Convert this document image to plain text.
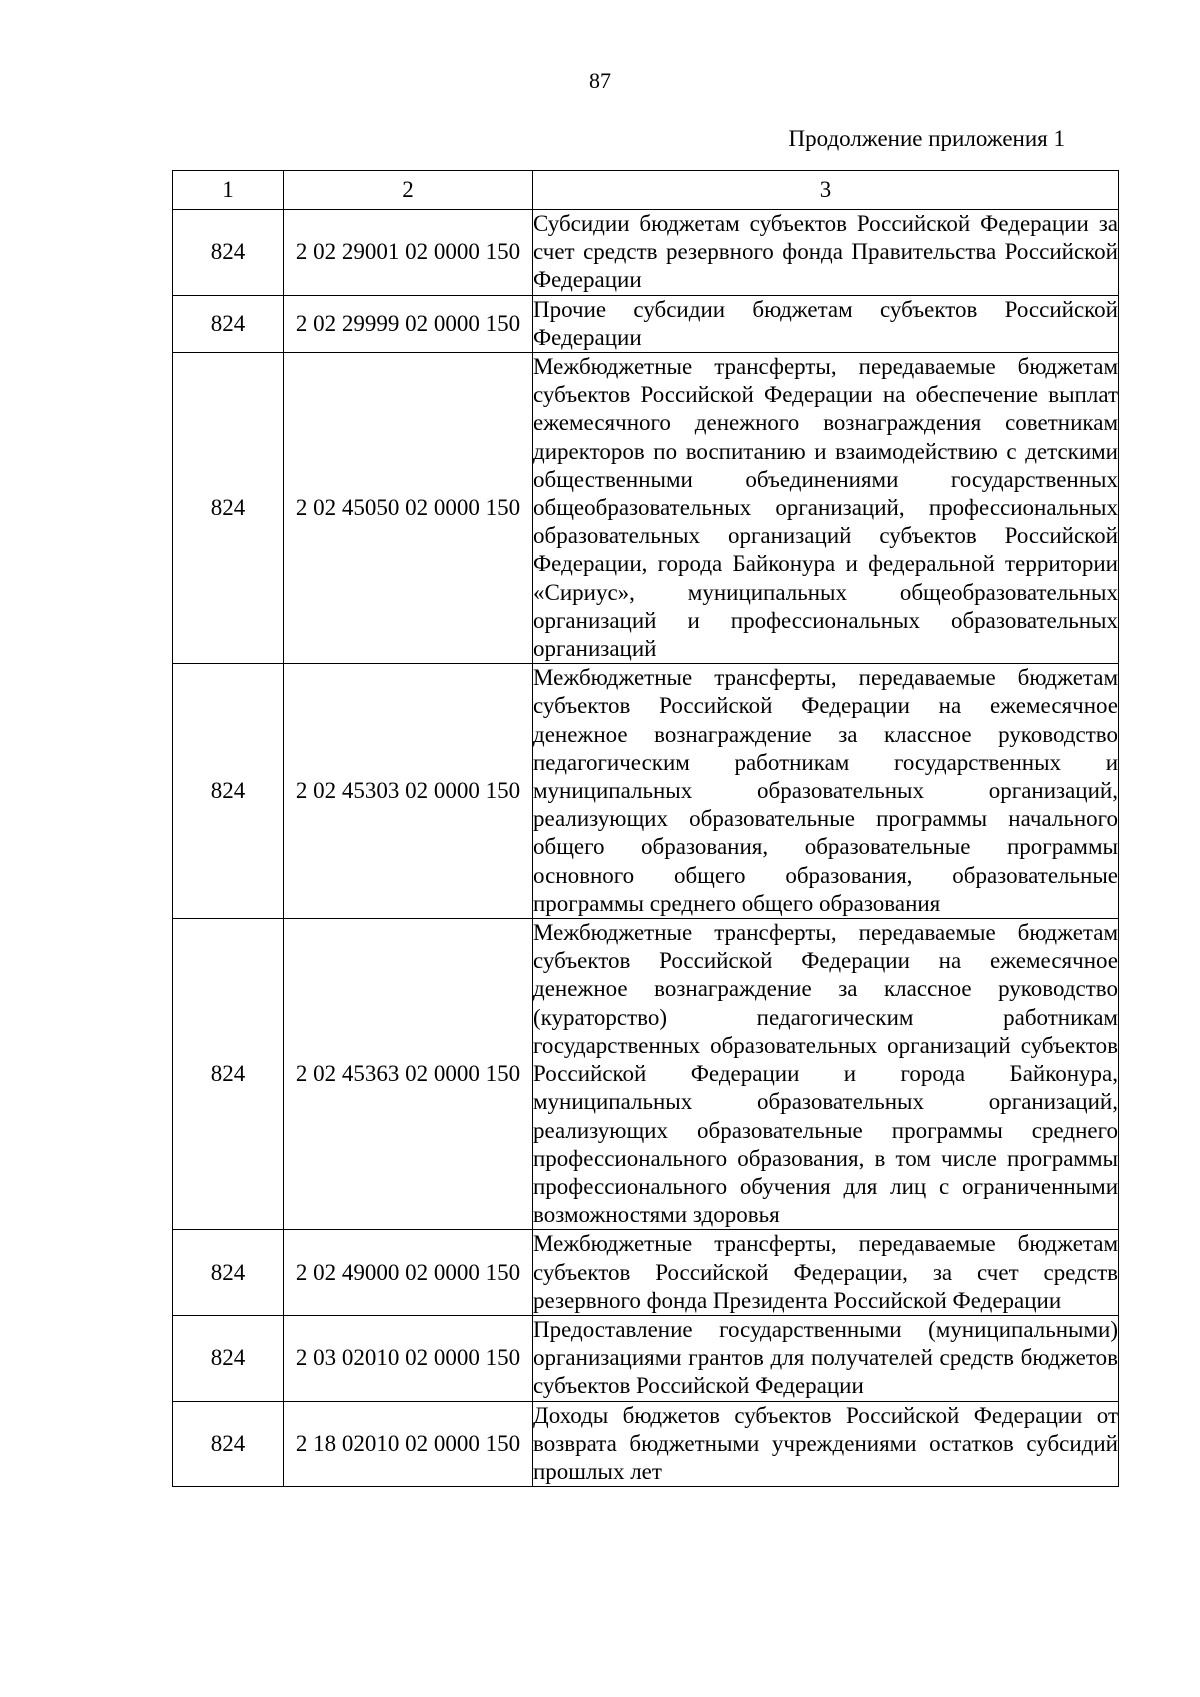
87
Продолжение приложения 1
1	2	3
824	2 02 29001 02 0000 150	Субсидии бюджетам субъектов Российской Федерации за счет средств резервного фонда Правительства Российской Федерации
824	2 02 29999 02 0000 150	Прочие субсидии бюджетам субъектов Российской Федерации
824	2 02 45050 02 0000 150	Межбюджетные трансферты, передаваемые бюджетам субъектов Российской Федерации на обеспечение выплат ежемесячного денежного вознаграждения советникам директоров по воспитанию и взаимодействию с детскими общественными объединениями государственных общеобразовательных организаций, профессиональных образовательных организаций субъектов Российской Федерации, города Байконура и федеральной территории «Сириус», муниципальных общеобразовательных организаций и профессиональных образовательных организаций
824	2 02 45303 02 0000 150	Межбюджетные трансферты, передаваемые бюджетам субъектов Российской Федерации на ежемесячное денежное вознаграждение за классное руководство педагогическим работникам государственных и муниципальных образовательных организаций, реализующих образовательные программы начального общего образования, образовательные программы основного общего образования, образовательные программы среднего общего образования
824	2 02 45363 02 0000 150	Межбюджетные трансферты, передаваемые бюджетам субъектов Российской Федерации на ежемесячное денежное вознаграждение за классное руководство (кураторство) педагогическим работникам государственных образовательных организаций субъектов Российской Федерации и города Байконура, муниципальных образовательных организаций, реализующих образовательные программы среднего профессионального образования, в том числе программы профессионального обучения для лиц с ограниченными возможностями здоровья
824	2 02 49000 02 0000 150	Межбюджетные трансферты, передаваемые бюджетам субъектов Российской Федерации, за счет средств резервного фонда Президента Российской Федерации
824	2 03 02010 02 0000 150	Предоставление государственными (муниципальными) организациями грантов для получателей средств бюджетов субъектов Российской Федерации
824	2 18 02010 02 0000 150	Доходы бюджетов субъектов Российской Федерации от возврата бюджетными учреждениями остатков субсидий прошлых лет
